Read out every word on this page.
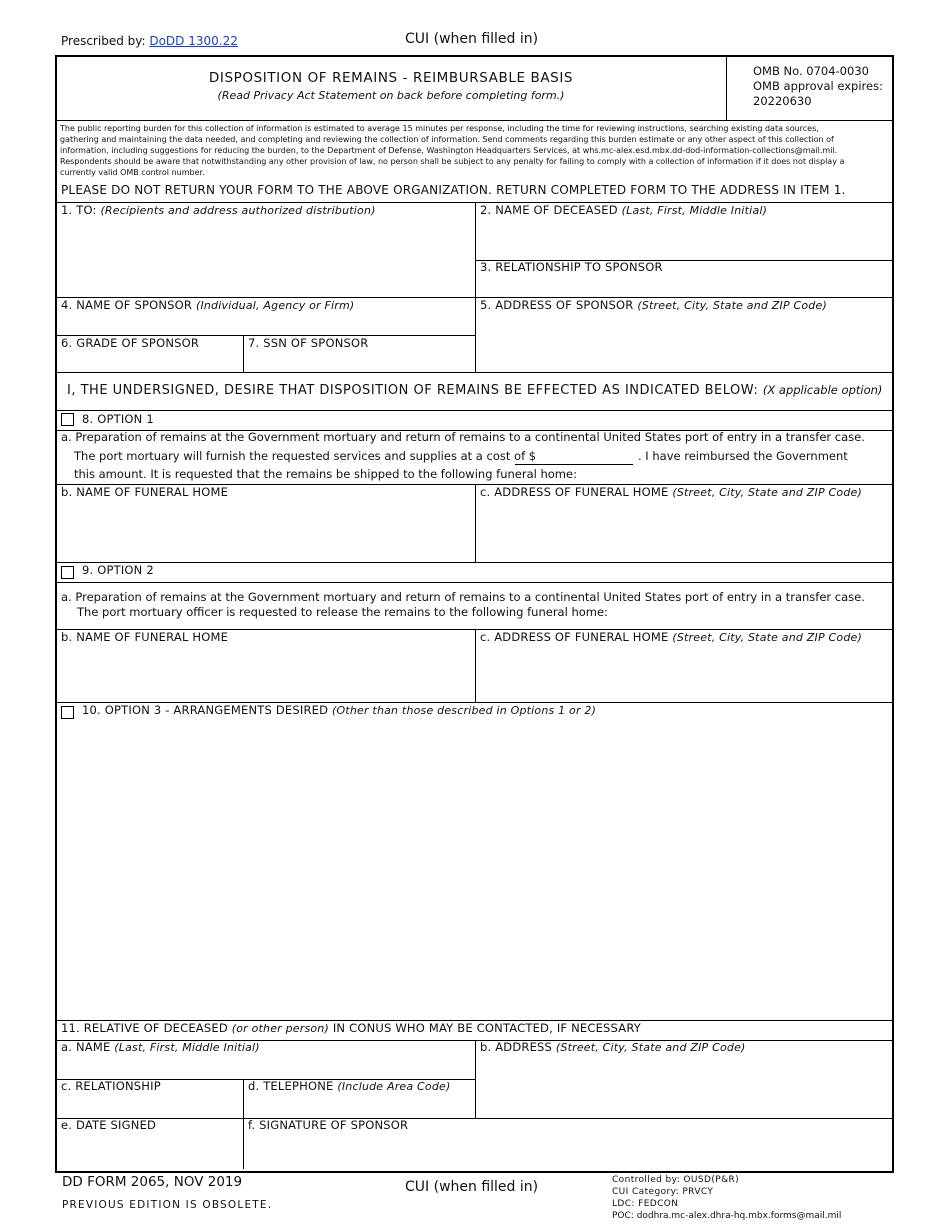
Prescribed by: DoDD 1300.22	CUI (when filled in)
DISPOSITION OF REMAINS - REIMBURSABLE BASIS
(Read Privacy Act Statement on back before completing form.)
OMB No. 0704-0030
OMB approval expires:
20220630
The public reporting burden for this collection of information is estimated to average 15 minutes per response, including the time for reviewing instructions, searching existing data sources,
gathering and maintaining the data needed, and completing and reviewing the collection of information. Send comments regarding this burden estimate or any other aspect of this collection of
information, including suggestions for reducing the burden, to the Department of Defense, Washington Headquarters Services, at whs.mc-alex.esd.mbx.dd-dod-information-collections@mail.mil.
Respondents should be aware that notwithstanding any other provision of law, no person shall be subject to any penalty for failing to comply with a collection of information if it does not display a
currently valid OMB control number.
PLEASE DO NOT RETURN YOUR FORM TO THE ABOVE ORGANIZATION. RETURN COMPLETED FORM TO THE ADDRESS IN ITEM 1.
1. TO: (Recipients and address authorized distribution)	2. NAME OF DECEASED (Last, First, Middle Initial)
3. RELATIONSHIP TO SPONSOR
4. NAME OF SPONSOR (Individual, Agency or Firm)	5. ADDRESS OF SPONSOR (Street, City, State and ZIP Code)
6. GRADE OF SPONSOR	7. SSN OF SPONSOR
I, THE UNDERSIGNED, DESIRE THAT DISPOSITION OF REMAINS BE EFFECTED AS INDICATED BELOW: (X applicable option)
8. OPTION 1
a. Preparation of remains at the Government mortuary and return of remains to a continental United States port of entry in a transfer case.
The port mortuary will furnish the requested services and supplies at a cost of $	. I have reimbursed the Government
this amount. It is requested that the remains be shipped to the following funeral home:
b. NAME OF FUNERAL HOME	c. ADDRESS OF FUNERAL HOME (Street, City, State and ZIP Code)
9. OPTION 2
a. Preparation of remains at the Government mortuary and return of remains to a continental United States port of entry in a transfer case.
The port mortuary officer is requested to release the remains to the following funeral home:
b. NAME OF FUNERAL HOME	c. ADDRESS OF FUNERAL HOME (Street, City, State and ZIP Code)
10. OPTION 3 - ARRANGEMENTS DESIRED (Other than those described in Options 1 or 2)
11. RELATIVE OF DECEASED (or other person) IN CONUS WHO MAY BE CONTACTED, IF NECESSARY
a. NAME (Last, First, Middle Initial)	b. ADDRESS (Street, City, State and ZIP Code)
c. RELATIONSHIP	d. TELEPHONE (Include Area Code)
e. DATE SIGNED	f. SIGNATURE OF SPONSOR
DD FORM 2065, NOV 2019
PREVIOUS EDITION IS OBSOLETE.
CUI (when filled in)	Controlled by: OUSD(P&R)
CUI Category: PRVCY
LDC: FEDCON
POC: dodhra.mc-alex.dhra-hq.mbx.forms@mail.mil
